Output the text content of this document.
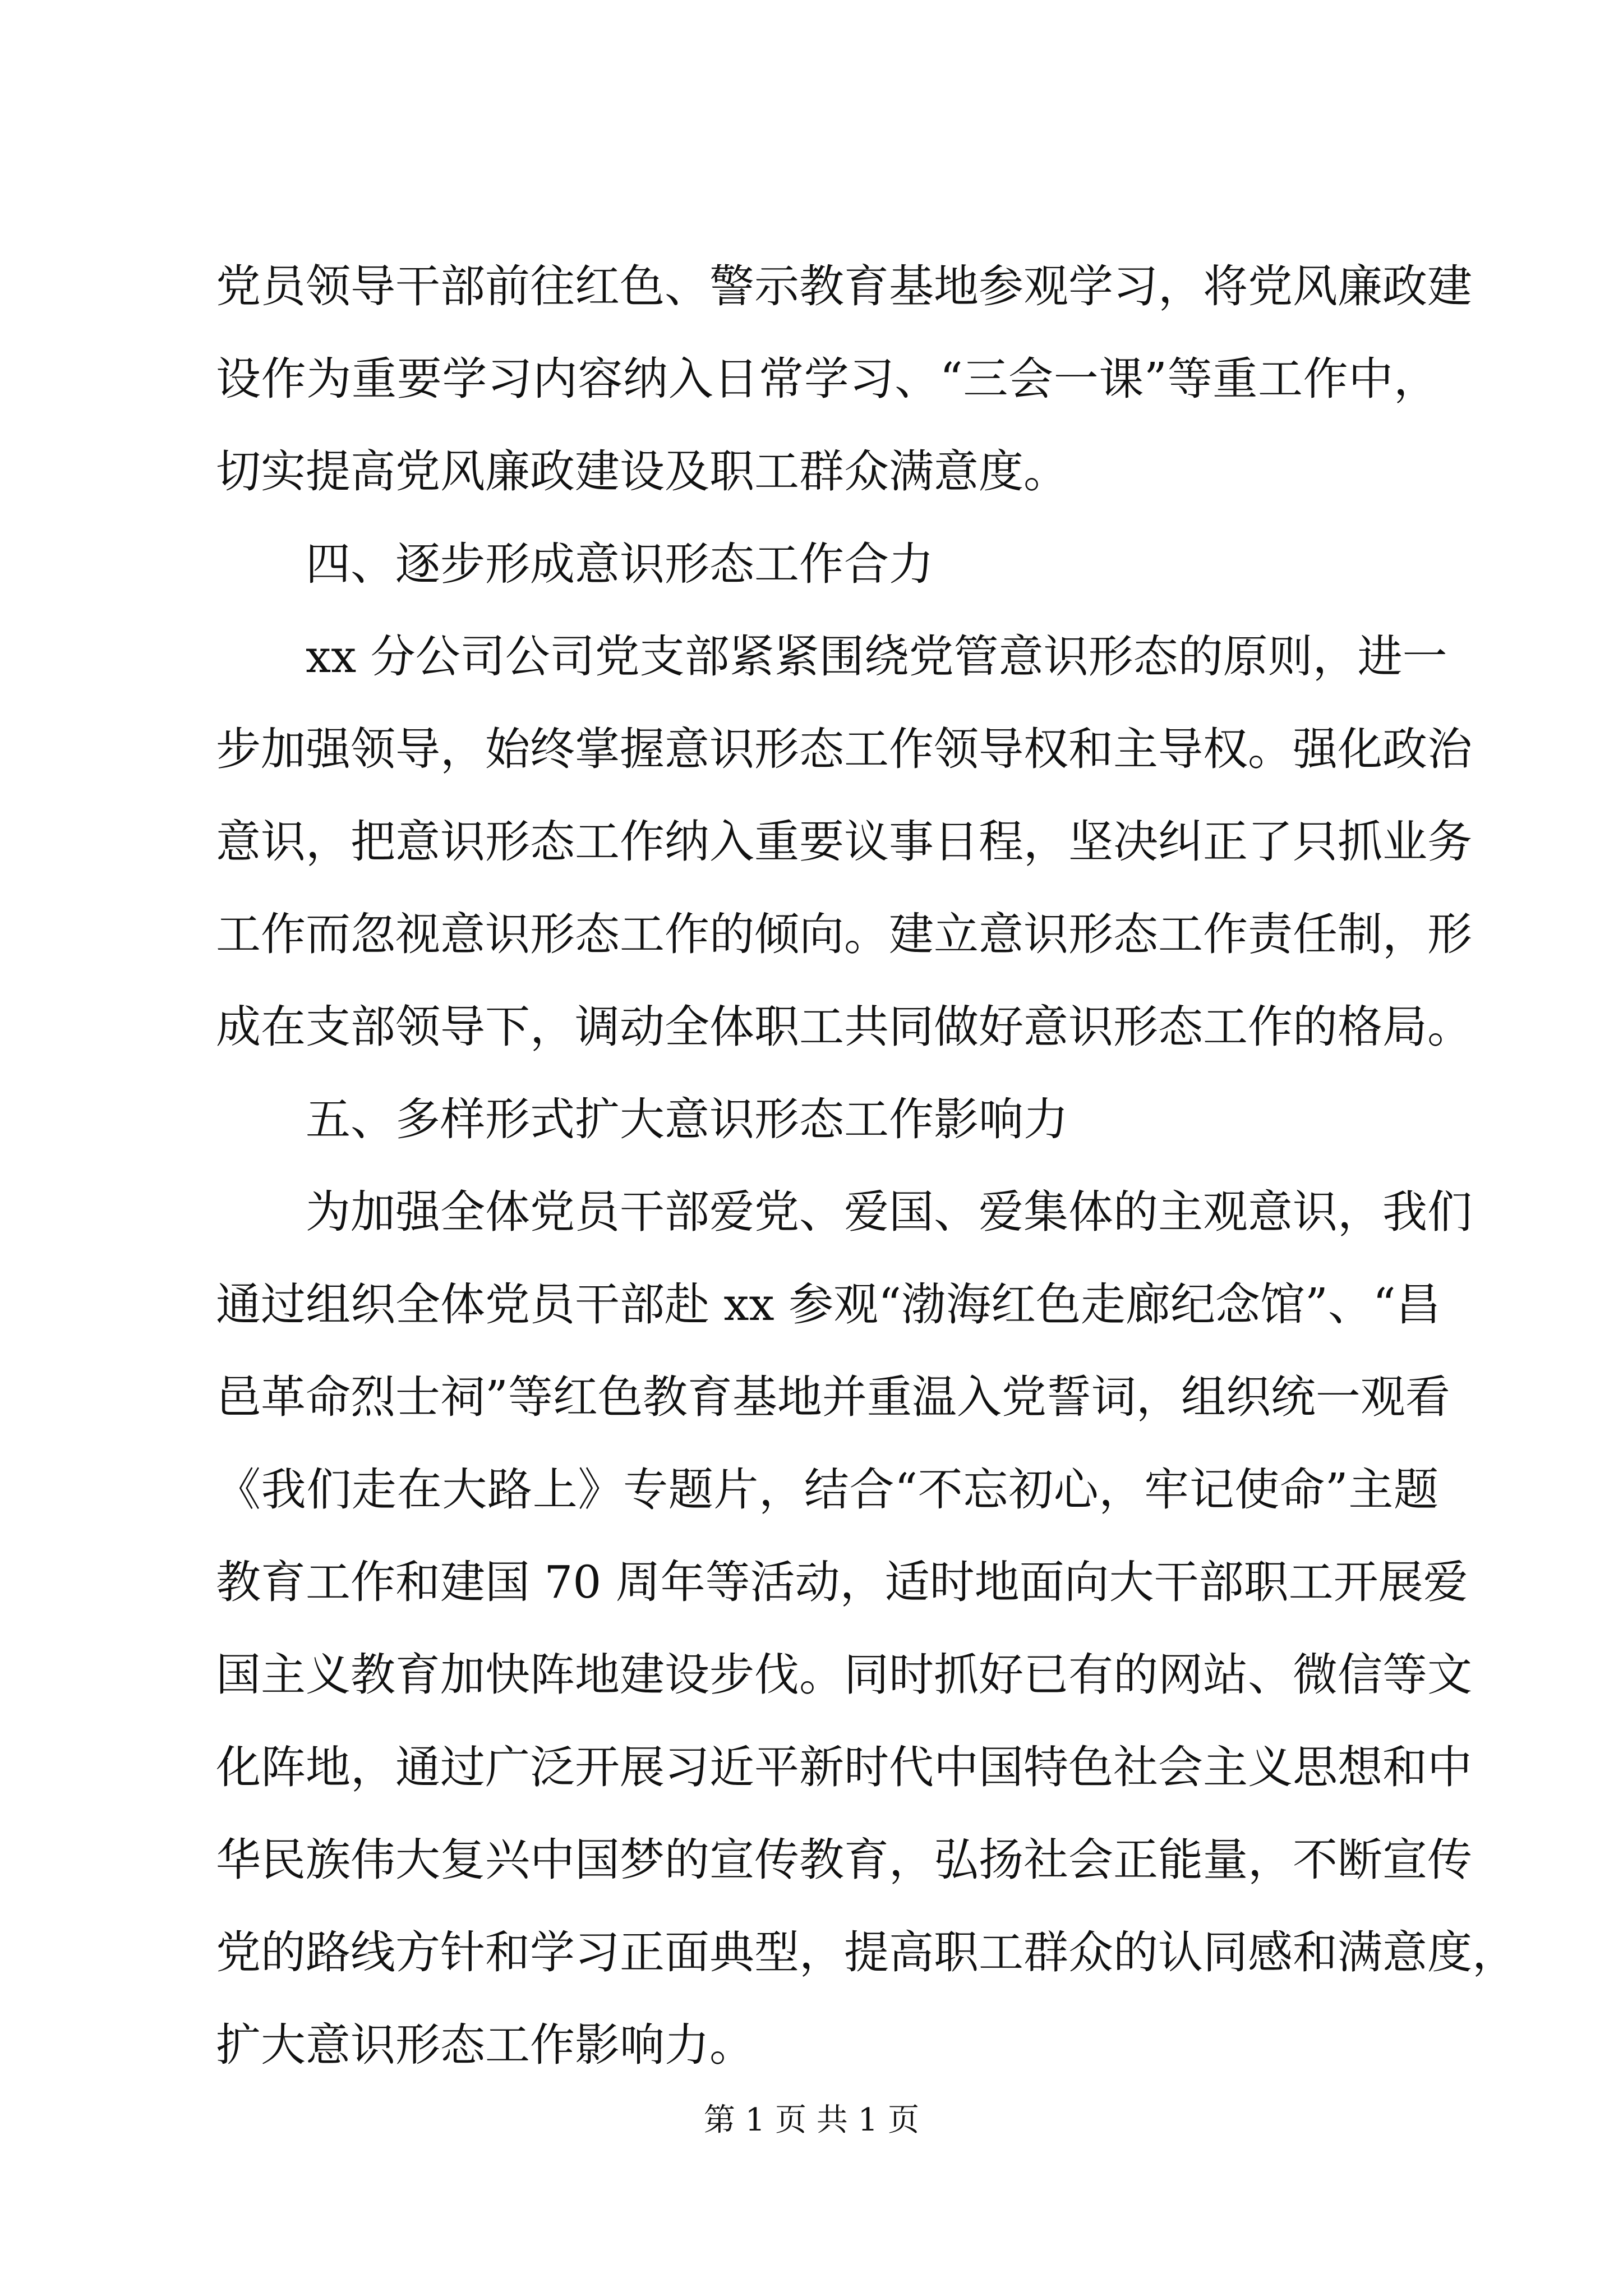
党员领导干部前往红色、警示教育基地参观学习，将党风廉政建
设作为重要学习内容纳入日常学习、“三会一课”等重工作中，
切实提高党风廉政建设及职工群众满意度。
四、逐步形成意识形态工作合力
xx 分公司公司党支部紧紧围绕党管意识形态的原则，进一
步加强领导，始终掌握意识形态工作领导权和主导权。强化政治
意识，把意识形态工作纳入重要议事日程，坚决纠正了只抓业务
工作而忽视意识形态工作的倾向。建立意识形态工作责任制，形
成在支部领导下，调动全体职工共同做好意识形态工作的格局。
五、多样形式扩大意识形态工作影响力
为加强全体党员干部爱党、爱国、爱集体的主观意识，我们
通过组织全体党员干部赴 xx 参观“渤海红色走廊纪念馆”、“昌
邑革命烈士祠”等红色教育基地并重温入党誓词，组织统一观看
《我们走在大路上》专题片，结合“不忘初心，牢记使命”主题
教育工作和建国 70 周年等活动，适时地面向大干部职工开展爱
国主义教育加快阵地建设步伐。同时抓好已有的网站、微信等文
化阵地，通过广泛开展习近平新时代中国特色社会主义思想和中
华民族伟大复兴中国梦的宣传教育，弘扬社会正能量，不断宣传
党的路线方针和学习正面典型，提高职工群众的认同感和满意度，
扩大意识形态工作影响力。
第 1 页 共 1 页
